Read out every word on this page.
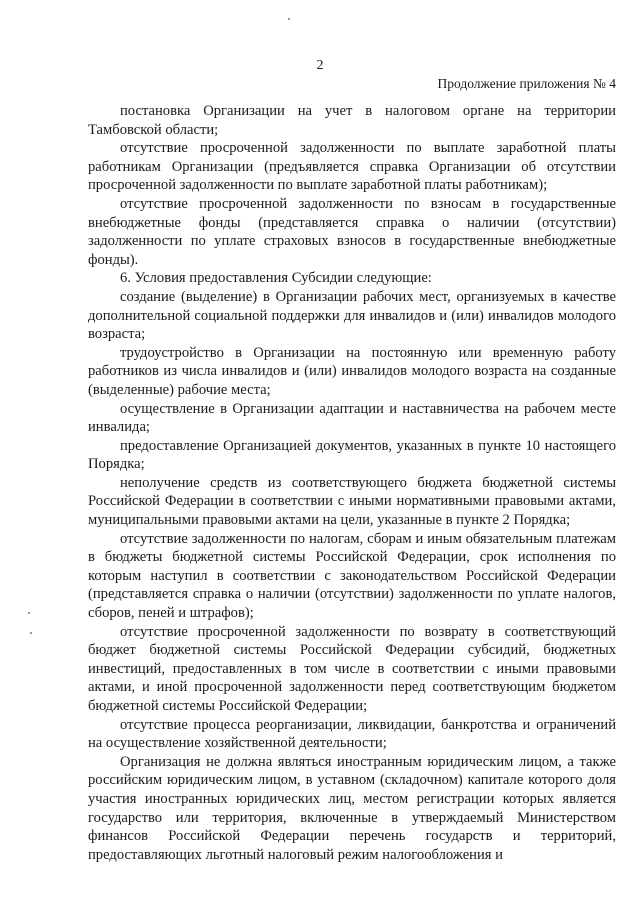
2
Продолжение приложения № 4

постановка Организации на учет в налоговом органе на территории Тамбовской области;

отсутствие просроченной задолженности по выплате заработной платы работникам Организации (предъявляется справка Организации об отсутствии просроченной задолженности по выплате заработной платы работникам);

отсутствие просроченной задолженности по взносам в государственные внебюджетные фонды (представляется справка о наличии (отсутствии) задолженности по уплате страховых взносов в государственные внебюджетные фонды).

6. Условия предоставления Субсидии следующие:

создание (выделение) в Организации рабочих мест, организуемых в качестве дополнительной социальной поддержки для инвалидов и (или) инвалидов молодого возраста;

трудоустройство в Организации на постоянную или временную работу работников из числа инвалидов и (или) инвалидов молодого возраста на созданные (выделенные) рабочие места;

осуществление в Организации адаптации и наставничества на рабочем месте инвалида;

предоставление Организацией документов, указанных в пункте 10 настоящего Порядка;

неполучение средств из соответствующего бюджета бюджетной системы Российской Федерации в соответствии с иными нормативными правовыми актами, муниципальными правовыми актами на цели, указанные в пункте 2 Порядка;

отсутствие задолженности по налогам, сборам и иным обязательным платежам в бюджеты бюджетной системы Российской Федерации, срок исполнения по которым наступил в соответствии с законодательством Российской Федерации (представляется справка о наличии (отсутствии) задолженности по уплате налогов, сборов, пеней и штрафов);

отсутствие просроченной задолженности по возврату в соответствующий бюджет бюджетной системы Российской Федерации субсидий, бюджетных инвестиций, предоставленных в том числе в соответствии с иными правовыми актами, и иной просроченной задолженности перед соответствующим бюджетом бюджетной системы Российской Федерации;

отсутствие процесса реорганизации, ликвидации, банкротства и ограничений на осуществление хозяйственной деятельности;

Организация не должна являться иностранным юридическим лицом, а также российским юридическим лицом, в уставном (складочном) капитале которого доля участия иностранных юридических лиц, местом регистрации которых является государство или территория, включенные в утверждаемый Министерством финансов Российской Федерации перечень государств и территорий, предоставляющих льготный налоговый режим налогообложения и
